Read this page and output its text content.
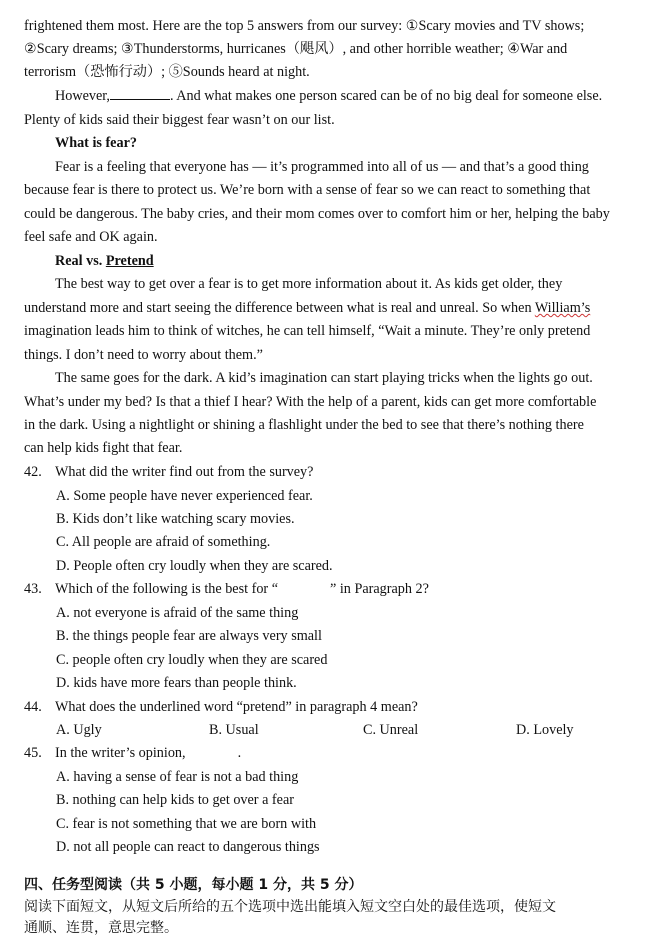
frightened them most. Here are the top 5 answers from our survey: ①Scary movies and TV shows;
②Scary dreams; ③Thunderstorms, hurricanes（飓风）, and other horrible weather; ④War and
terrorism（恐怖行动）; ⑤Sounds heard at night.
However,	. And what makes one person scared can be of no big deal for someone else.
Plenty of kids said their biggest fear wasn’t on our list.
What is fear?
Fear is a feeling that everyone has — it’s programmed into all of us — and that’s a good thing
because fear is there to protect us. We’re born with a sense of fear so we can react to something that
could be dangerous. The baby cries, and their mom comes over to comfort him or her, helping the baby
feel safe and OK again.
Real vs. Pretend
The best way to get over a fear is to get more information about it. As kids get older, they
understand more and start seeing the difference between what is real and unreal. So when William’s
imagination leads him to think of witches, he can tell himself, “Wait a minute. They’re only pretend
things. I don’t need to worry about them.”
The same goes for the dark. A kid’s imagination can start playing tricks when the lights go out.
What’s under my bed? Is that a thief I hear? With the help of a parent, kids can get more comfortable
in the dark. Using a nightlight or shining a flashlight under the bed to see that there’s nothing there
can help kids fight that fear.
42. What did the writer find out from the survey?
A. Some people have never experienced fear.
B. Kids don’t like watching scary movies.
C. All people are afraid of something.
D. People often cry loudly when they are scared.
43. Which of the following is the best for “	” in Paragraph 2?
A. not everyone is afraid of the same thing
B. the things people fear are always very small
C. people often cry loudly when they are scared
D. kids have more fears than people think.
44. What does the underlined word “pretend” in paragraph 4 mean?
A. Ugly	B. Usual	C. Unreal	D. Lovely
45. In the writer’s opinion,	.
A. having a sense of fear is not a bad thing
B. nothing can help kids to get over a fear
C. fear is not something that we are born with
D. not all people can react to dangerous things
四、任务型阅读（共 5 小题，每小题 1 分，共 5 分）
阅读下面短文，从短文后所给的五个选项中选出能填入短文空白处的最佳选项，使短文
通顺、连贯，意思完整。
